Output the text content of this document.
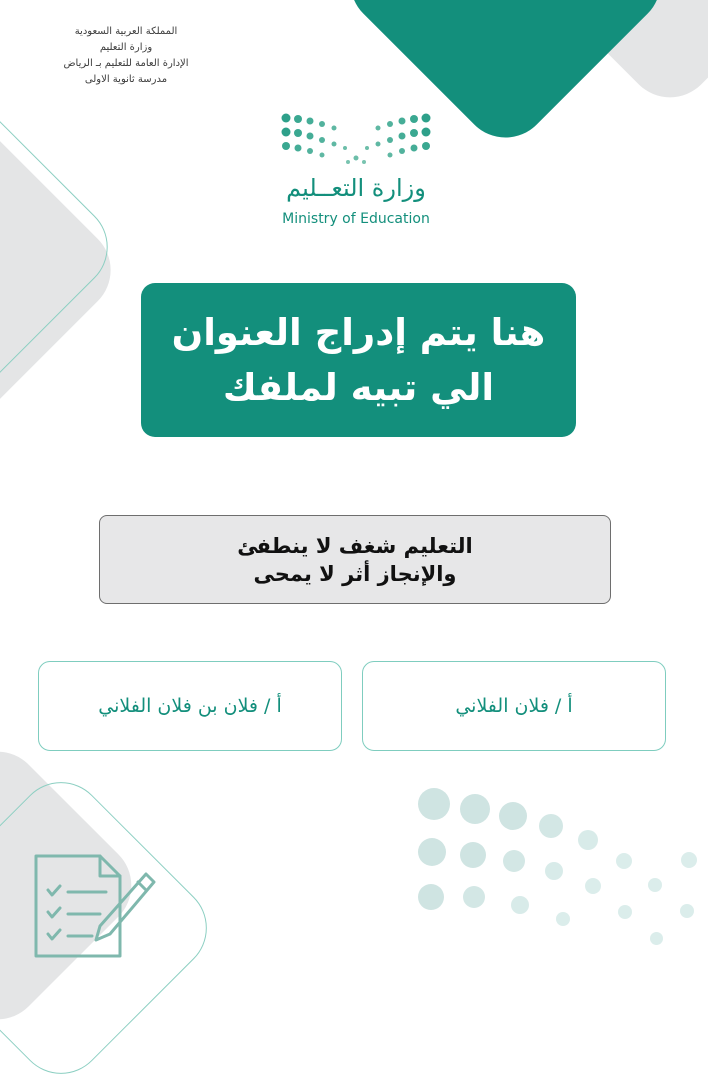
المملكة العربية السعودية
وزارة التعليم
الإدارة العامة للتعليم بـ الرياض
مدرسة ثانوية الاولى
وزارة التعــليم
Ministry of Education
هنا يتم إدراج العنوان
الي تبيه لملفك
التعليم شغف لا ينطفئ
والإنجاز أثر لا يمحى
أ / فلان الفلاني
أ / فلان بن فلان الفلاني
